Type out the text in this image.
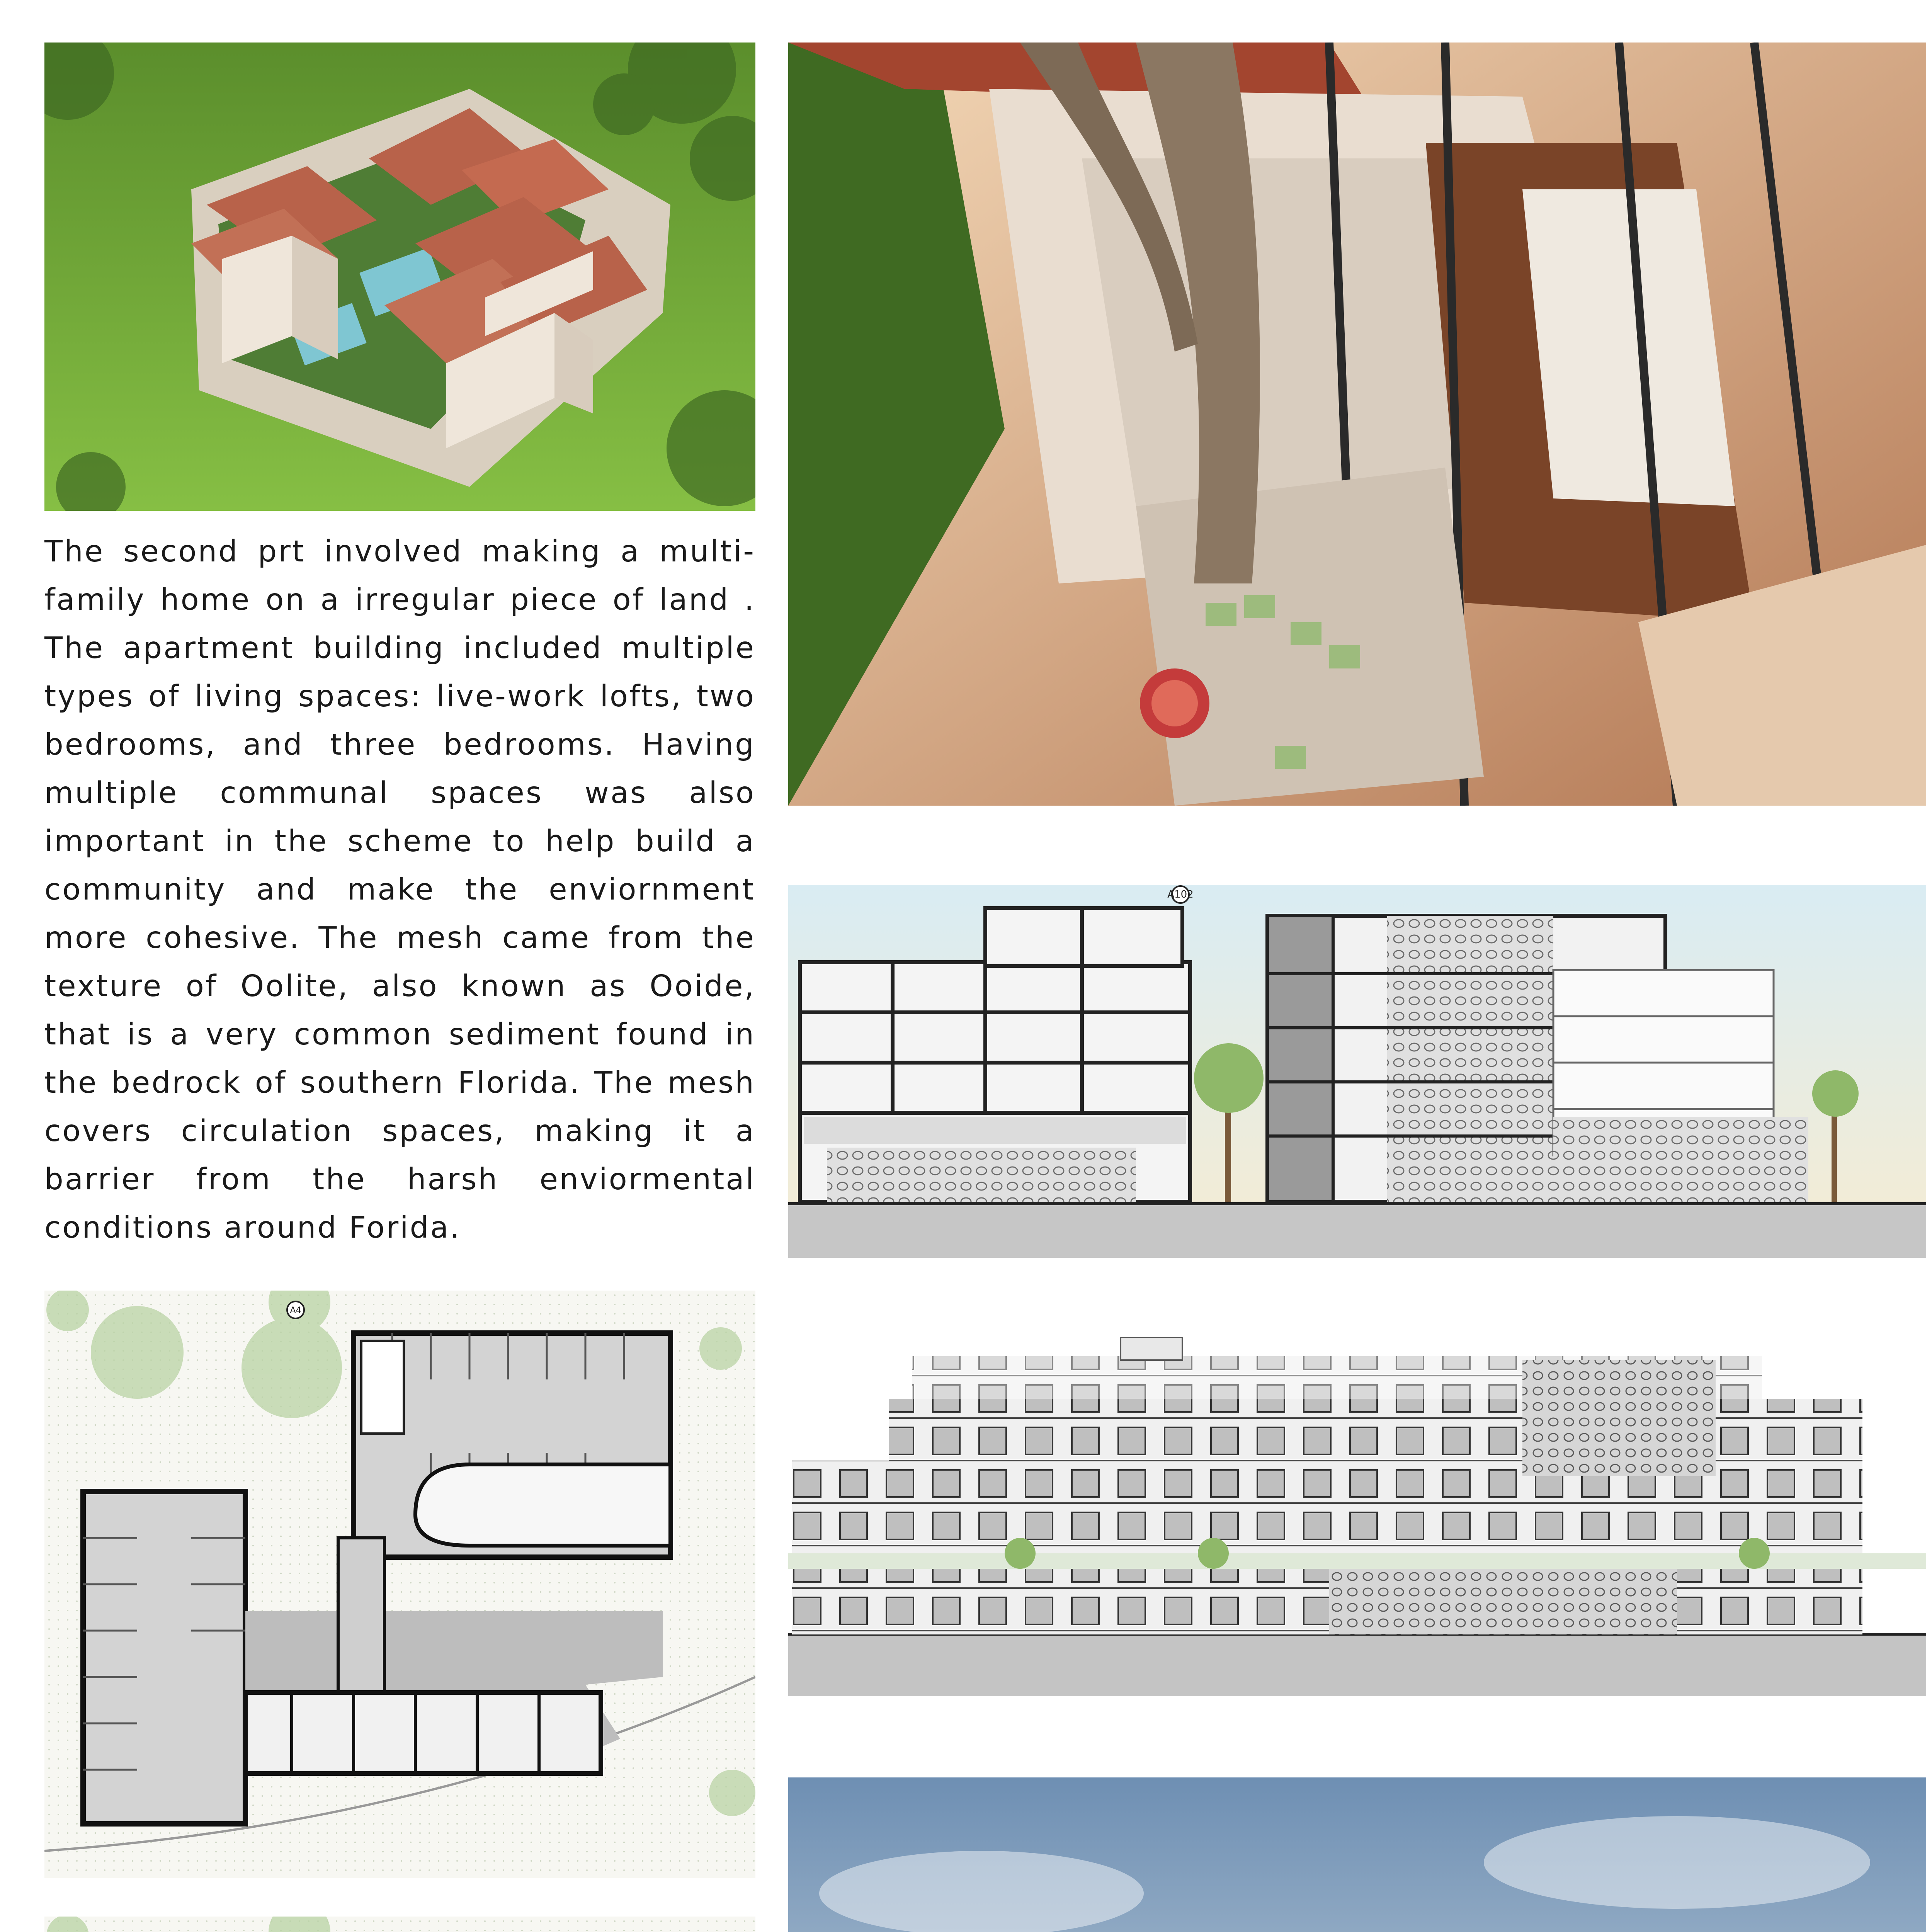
The second prt involved making a multi-family home on a irregular piece of land . The apartment building included multiple types of living spaces: live-work lofts, two bedrooms, and three bedrooms. Having multiple communal spaces was also important in the scheme to help build a community and make the enviornment more cohesive. The mesh came from the texture of Oolite, also known as Ooide, that is a very common sediment found in the bedrock of southern Florida. The mesh covers circulation spaces, making it a barrier from the harsh enviormental conditions around Forida.

A102
A4
